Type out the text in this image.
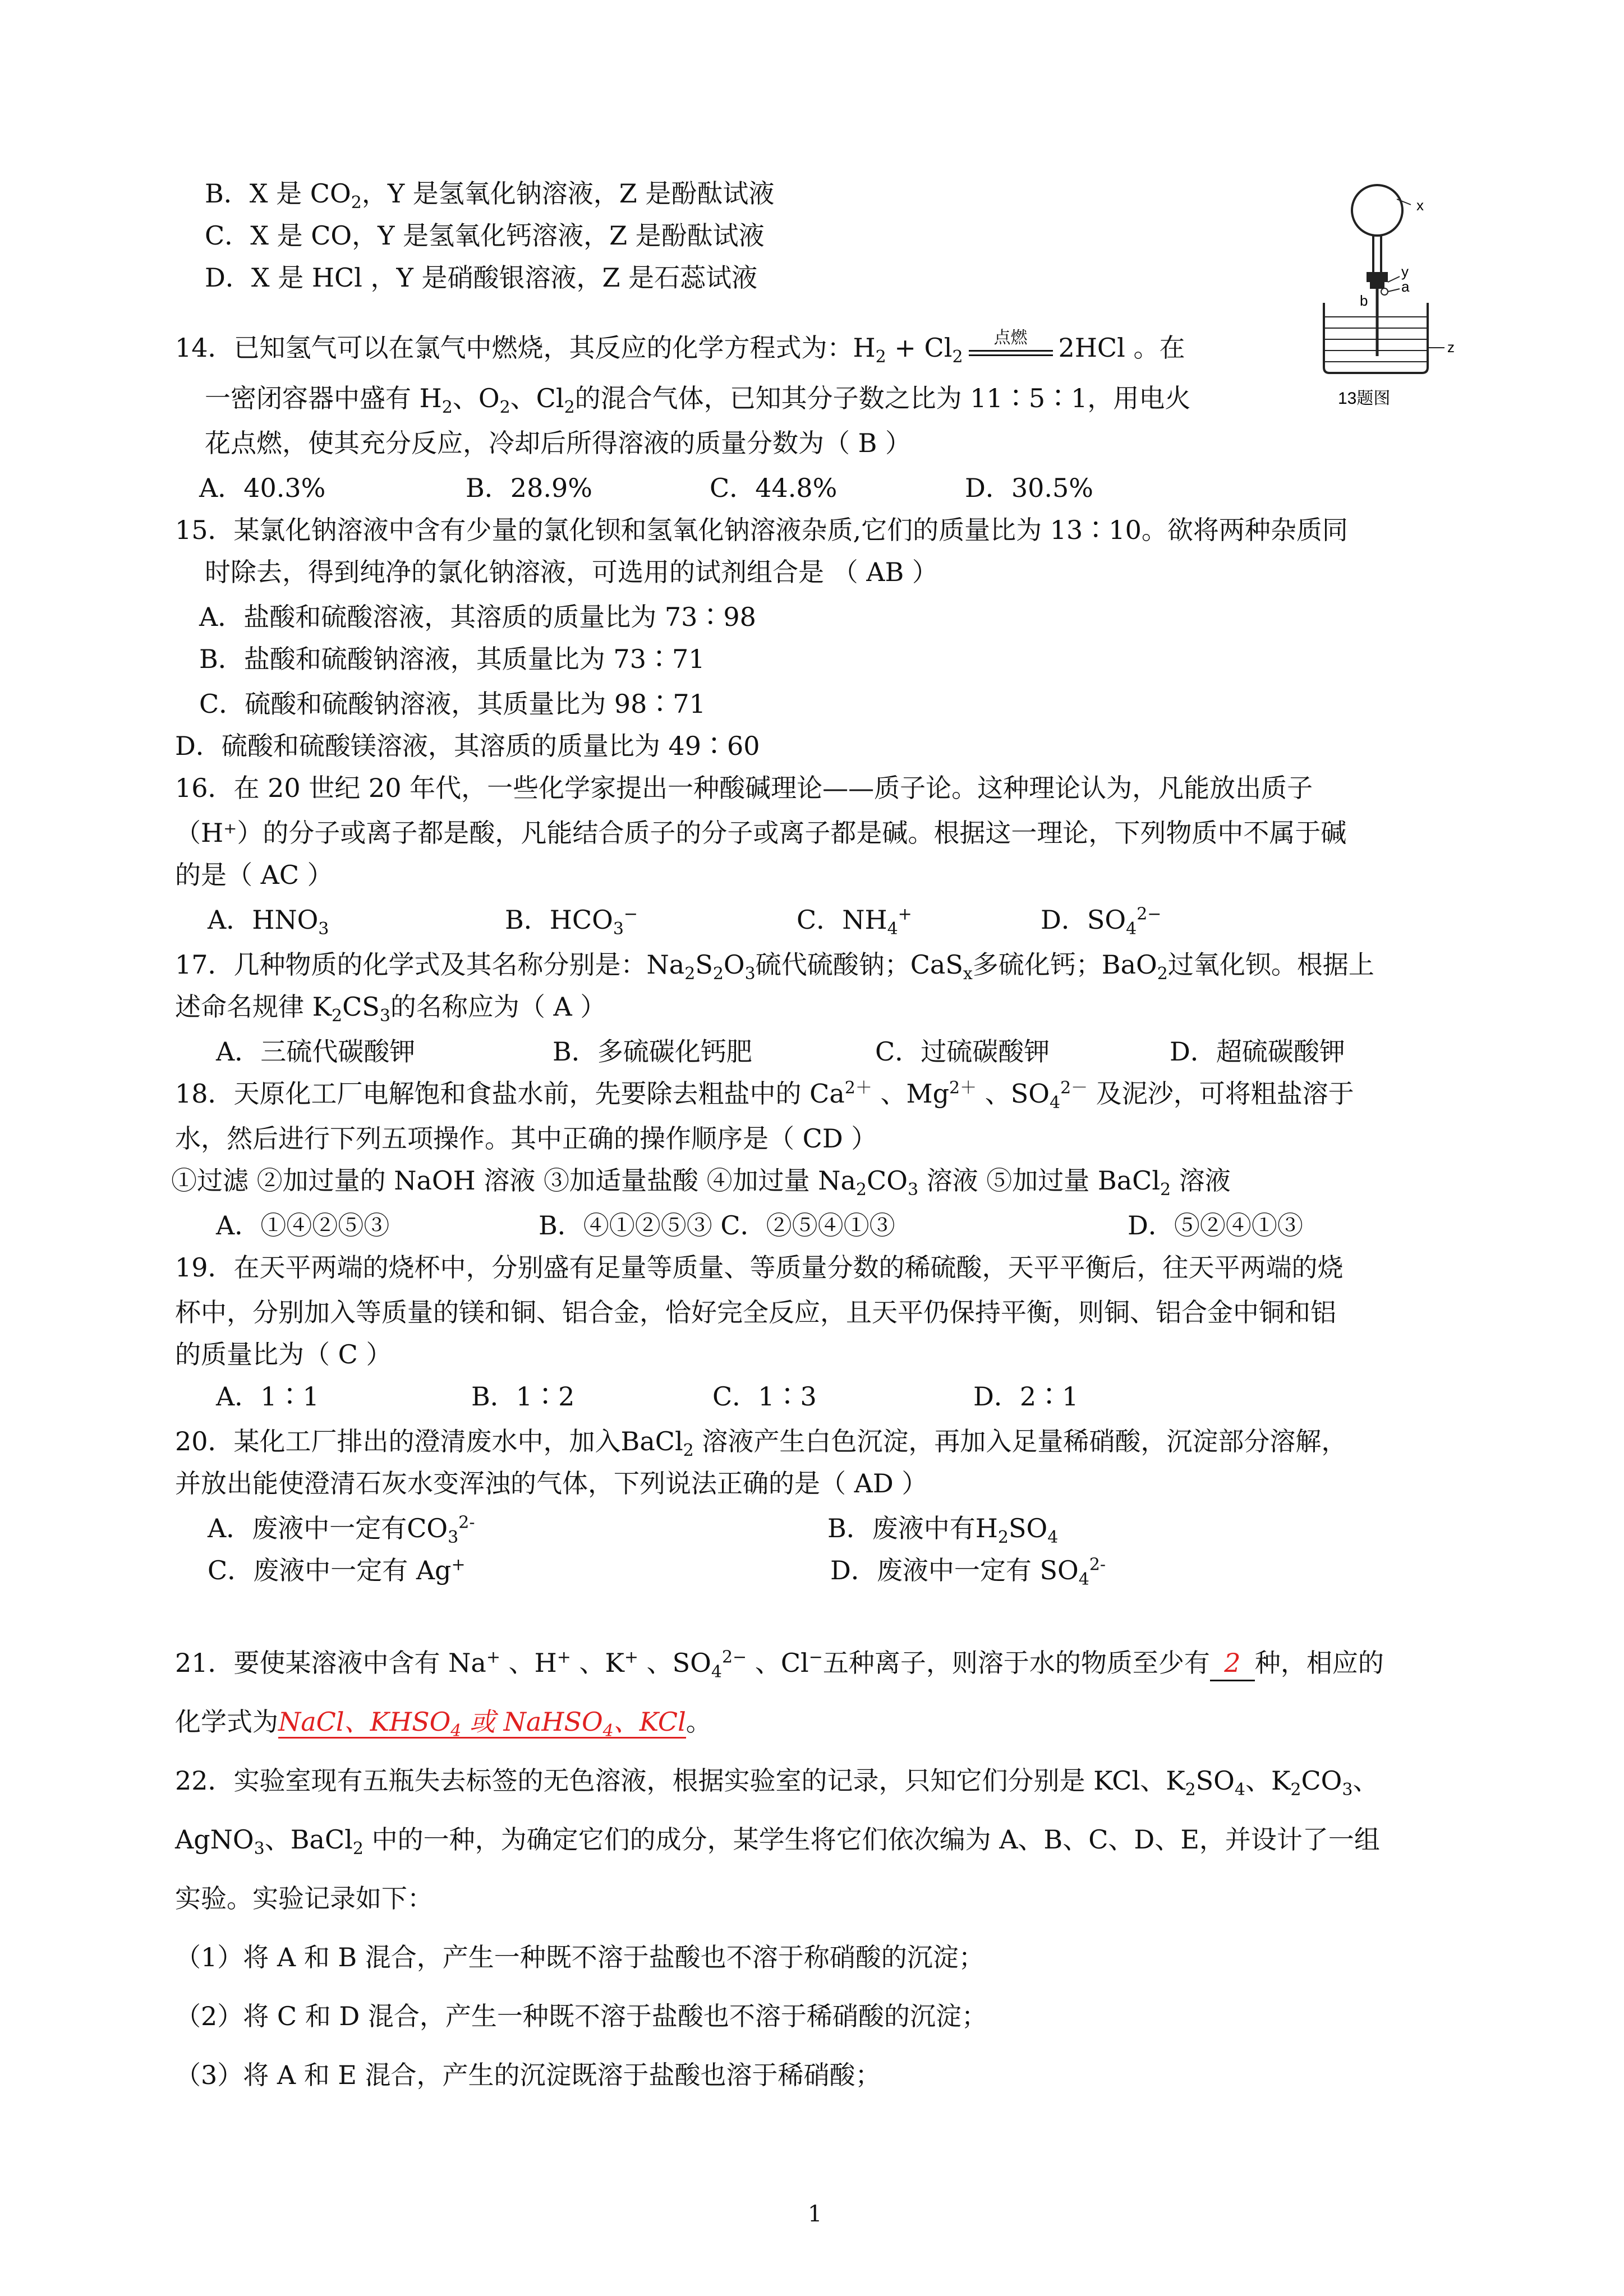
B．X 是 $CO_2$，Y 是氢氧化钠溶液，Z 是酚酞试液
C．X 是 CO，Y 是氢氧化钙溶液，Z 是酚酞试液
D．X 是 HCl ，Y 是硝酸银溶液，Z 是石蕊试液
x
y
a
b
z
13题图
14．已知氢气可以在氯气中燃烧，其反应的化学方程式为：$H_2 + Cl_2$
点燃	2HCl 。在
一密闭容器中盛有 $H_2$、$O_2$、$Cl_2$的混合气体，已知其分子数之比为 11∶5∶1，用电火
花点燃，使其充分反应，冷却后所得溶液的质量分数为（ B ）
A．40.3%	B．28.9%	C．44.8%	D．30.5%
15．某氯化钠溶液中含有少量的氯化钡和氢氧化钠溶液杂质,它们的质量比为 13∶10。欲将两种杂质同
时除去，得到纯净的氯化钠溶液，可选用的试剂组合是 （ AB ）
A．盐酸和硫酸溶液，其溶质的质量比为 73∶98
B．盐酸和硫酸钠溶液，其质量比为 73∶71
C．硫酸和硫酸钠溶液，其质量比为 98∶71
D．硫酸和硫酸镁溶液，其溶质的质量比为 49∶60
16．在 20 世纪 20 年代，一些化学家提出一种酸碱理论——质子论。这种理论认为，凡能放出质子
（H⁺）的分子或离子都是酸，凡能结合质子的分子或离子都是碱。根据这一理论，下列物质中不属于碱
的是（ AC ）
A．$HNO_3$	B．$HCO_3^-$	C．$NH_4^+$	D．$SO_4^{2-}$
17．几种物质的化学式及其名称分别是：$Na_2S_2O_3$硫代硫酸钠；CaS$_x$多硫化钙；BaO$_2$过氧化钡。根据上
述命名规律 $K_2CS_3$的名称应为（ A ）
A．三硫代碳酸钾	B．多硫碳化钙肥	C．过硫碳酸钾	D．超硫碳酸钾
18．天原化工厂电解饱和食盐水前，先要除去粗盐中的 $Ca^{2+}$ 、$Mg^{2+}$ 、$SO_4^{2-}$ 及泥沙，可将粗盐溶于
水，然后进行下列五项操作。其中正确的操作顺序是（ CD ）
①过滤 ②加过量的 NaOH 溶液 ③加适量盐酸 ④加过量 $Na_2CO_3$ 溶液 ⑤加过量 BaCl$_2$ 溶液
A．①④②⑤③	B．④①②⑤③ C．②⑤④①③	D．⑤②④①③
19．在天平两端的烧杯中，分别盛有足量等质量、等质量分数的稀硫酸，天平平衡后，往天平两端的烧
杯中，分别加入等质量的镁和铜、铝合金，恰好完全反应，且天平仍保持平衡，则铜、铝合金中铜和铝
的质量比为（ C ）
A．1∶1	B．1∶2	C．1∶3	D．2∶1
20．某化工厂排出的澄清废水中，加入BaCl$_2$ 溶液产生白色沉淀，再加入足量稀硝酸，沉淀部分溶解，
并放出能使澄清石灰水变浑浊的气体，下列说法正确的是（ AD ）
A．废液中一定有$CO_3^{2-}$	B．废液中有$H_2SO_4$
C．废液中一定有 Ag+	D．废液中一定有 $SO_4^{2-}$
21．要使某溶液中含有 Na+ 、H+ 、K+ 、$SO_4^{2-}$ 、Cl−五种离子，则溶于水的物质至少有 2 种，相应的
化学式为NaCl、$KHSO_4$ 或 NaHSO$_4$、KCl。
22．实验室现有五瓶失去标签的无色溶液，根据实验室的记录，只知它们分别是 KCl、$K_2SO_4$、$K_2CO_3$、
AgNO$_3$、BaCl$_2$ 中的一种，为确定它们的成分，某学生将它们依次编为 A、B、C、D、E，并设计了一组
实验。实验记录如下：
（1）将 A 和 B 混合，产生一种既不溶于盐酸也不溶于称硝酸的沉淀；
（2）将 C 和 D 混合，产生一种既不溶于盐酸也不溶于稀硝酸的沉淀；
（3）将 A 和 E 混合，产生的沉淀既溶于盐酸也溶于稀硝酸；
1
